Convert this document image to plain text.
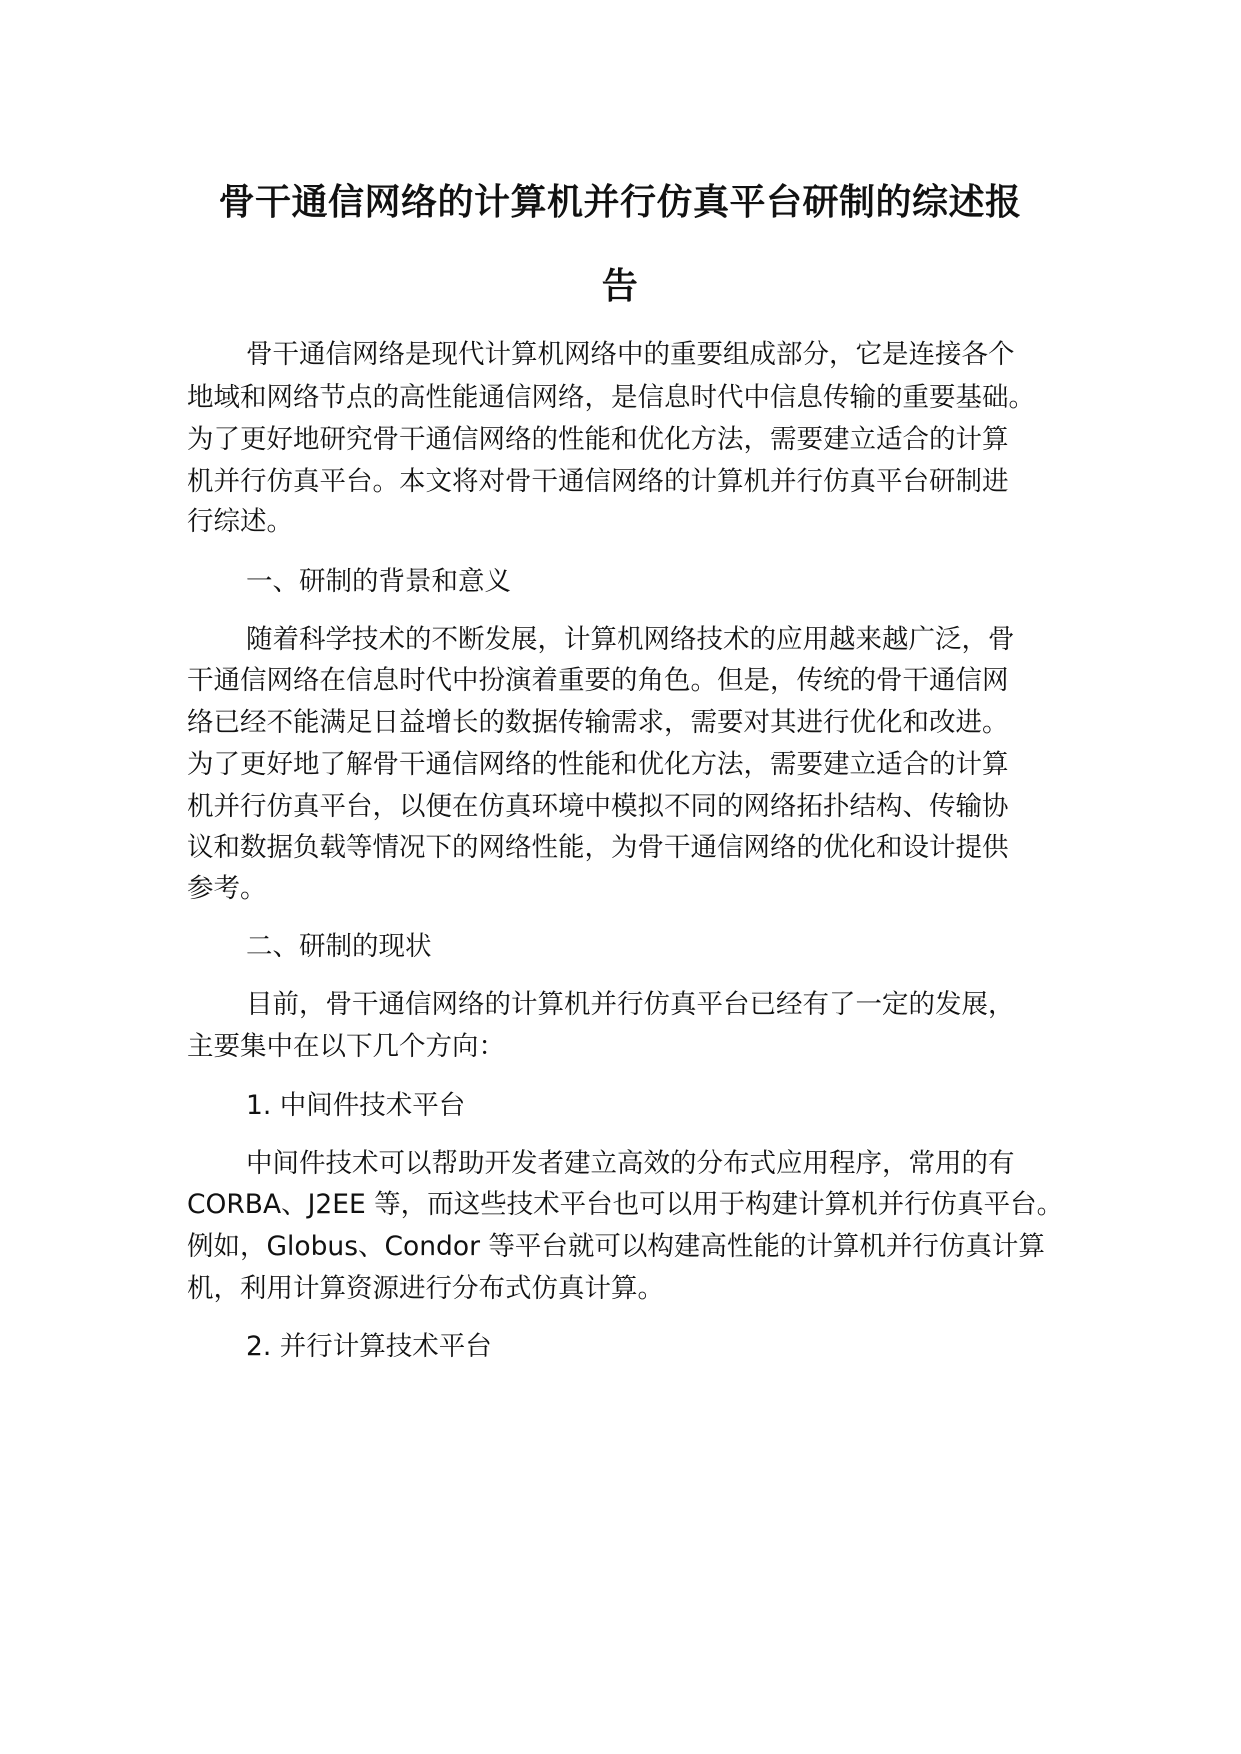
骨干通信网络的计算机并行仿真平台研制的综述报
告

骨干通信网络是现代计算机网络中的重要组成部分，它是连接各个

地域和网络节点的高性能通信网络，是信息时代中信息传输的重要基础。

为了更好地研究骨干通信网络的性能和优化方法，需要建立适合的计算

机并行仿真平台。本文将对骨干通信网络的计算机并行仿真平台研制进

行综述。

一、研制的背景和意义

随着科学技术的不断发展，计算机网络技术的应用越来越广泛，骨

干通信网络在信息时代中扮演着重要的角色。但是，传统的骨干通信网

络已经不能满足日益增长的数据传输需求，需要对其进行优化和改进。

为了更好地了解骨干通信网络的性能和优化方法，需要建立适合的计算

机并行仿真平台，以便在仿真环境中模拟不同的网络拓扑结构、传输协

议和数据负载等情况下的网络性能，为骨干通信网络的优化和设计提供

参考。

二、研制的现状

目前，骨干通信网络的计算机并行仿真平台已经有了一定的发展，

主要集中在以下几个方向：

1. 中间件技术平台

中间件技术可以帮助开发者建立高效的分布式应用程序，常用的有

CORBA、J2EE 等，而这些技术平台也可以用于构建计算机并行仿真平台。

例如，Globus、Condor 等平台就可以构建高性能的计算机并行仿真计算

机，利用计算资源进行分布式仿真计算。

2. 并行计算技术平台
